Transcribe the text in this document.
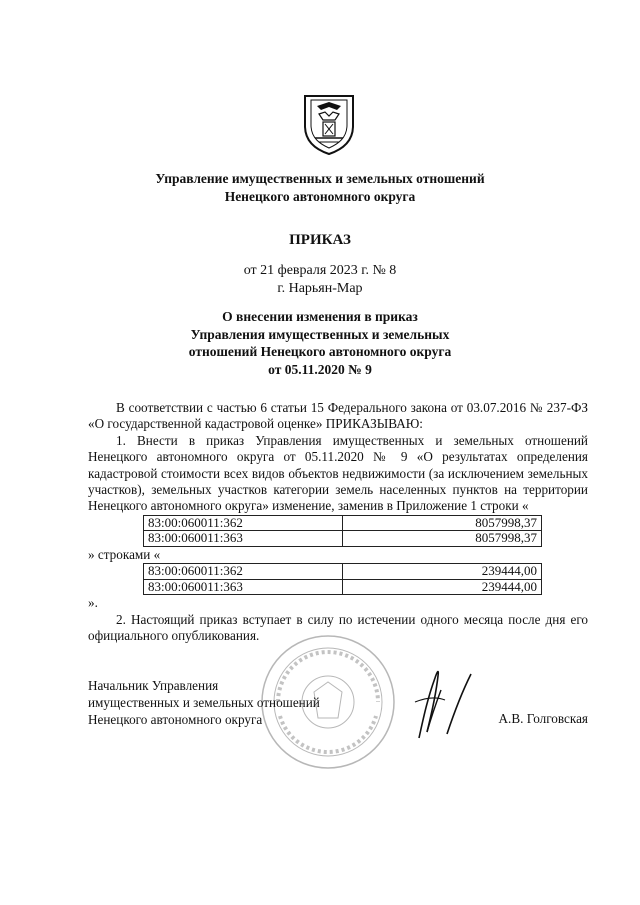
Управление имущественных и земельных отношений
Ненецкого автономного округа
ПРИКАЗ
от 21 февраля 2023 г. № 8
г. Нарьян-Мар
О внесении изменения в приказ
Управления имущественных и земельных
отношений Ненецкого автономного округа
от 05.11.2020 № 9

В соответствии с частью 6 статьи 15 Федерального закона от 03.07.2016 № 237-ФЗ «О государственной кадастровой оценке» ПРИКАЗЫВАЮ:

1. Внести в приказ Управления имущественных и земельных отношений Ненецкого автономного округа от 05.11.2020 № 9 «О результатах определения кадастровой стоимости всех видов объектов недвижимости (за исключением земельных участков), земельных участков категории земель населенных пунктов на территории Ненецкого автономного округа» изменение, заменив в Приложение 1 строки «

83:00:060011:362	8057998,37
83:00:060011:363	8057998,37

» строками «

83:00:060011:362	239444,00
83:00:060011:363	239444,00

».

2. Настоящий приказ вступает в силу по истечении одного месяца после дня его официального опубликования.

Начальник Управления
имущественных и земельных отношений
Ненецкого автономного округа	А.В. Голговская
